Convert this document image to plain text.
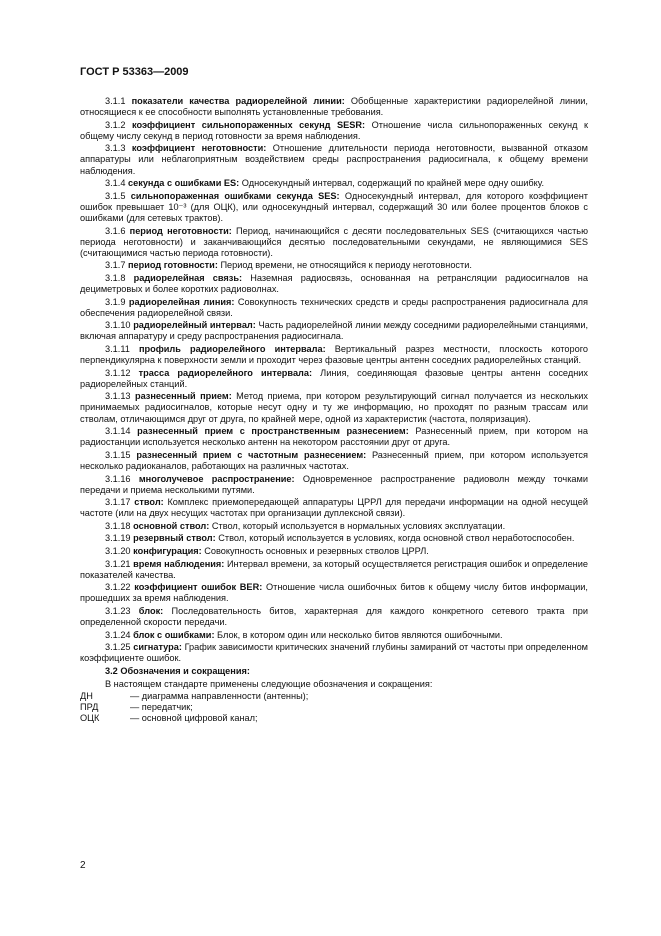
ГОСТ Р 53363—2009

3.1.1 показатели качества радиорелейной линии: Обобщенные характеристики радиорелейной линии, относящиеся к ее способности выполнять установленные требования.

3.1.2 коэффициент сильнопораженных секунд SESR: Отношение числа сильнопораженных секунд к общему числу секунд в период готовности за время наблюдения.

3.1.3 коэффициент неготовности: Отношение длительности периода неготовности, вызванной отказом аппаратуры или неблагоприятным воздействием среды распространения радиосигнала, к общему времени наблюдения.

3.1.4 секунда с ошибками ES: Односекундный интервал, содержащий по крайней мере одну ошибку.

3.1.5 сильнопораженная ошибками секунда SES: Односекундный интервал, для которого коэффициент ошибок превышает 10⁻³ (для ОЦК), или односекундный интервал, содержащий 30 или более процентов блоков с ошибками (для сетевых трактов).

3.1.6 период неготовности: Период, начинающийся с десяти последовательных SES (считающихся частью периода неготовности) и заканчивающийся десятью последовательными секундами, не являющимися SES (считающимися частью периода готовности).

3.1.7 период готовности: Период времени, не относящийся к периоду неготовности.

3.1.8 радиорелейная связь: Наземная радиосвязь, основанная на ретрансляции радиосигналов на дециметровых и более коротких радиоволнах.

3.1.9 радиорелейная линия: Совокупность технических средств и среды распространения радиосигнала для обеспечения радиорелейной связи.

3.1.10 радиорелейный интервал: Часть радиорелейной линии между соседними радиорелейными станциями, включая аппаратуру и среду распространения радиосигнала.

3.1.11 профиль радиорелейного интервала: Вертикальный разрез местности, плоскость которого перпендикулярна к поверхности земли и проходит через фазовые центры антенн соседних радиорелейных станций.

3.1.12 трасса радиорелейного интервала: Линия, соединяющая фазовые центры антенн соседних радиорелейных станций.

3.1.13 разнесенный прием: Метод приема, при котором результирующий сигнал получается из нескольких принимаемых радиосигналов, которые несут одну и ту же информацию, но проходят по разным трассам или стволам, отличающимся друг от друга, по крайней мере, одной из характеристик (частота, поляризация).

3.1.14 разнесенный прием с пространственным разнесением: Разнесенный прием, при котором на радиостанции используется несколько антенн на некотором расстоянии друг от друга.

3.1.15 разнесенный прием с частотным разнесением: Разнесенный прием, при котором используется несколько радиоканалов, работающих на различных частотах.

3.1.16 многолучевое распространение: Одновременное распространение радиоволн между точками передачи и приема несколькими путями.

3.1.17 ствол: Комплекс приемопередающей аппаратуры ЦРРЛ для передачи информации на одной несущей частоте (или на двух несущих частотах при организации дуплексной связи).

3.1.18 основной ствол: Ствол, который используется в нормальных условиях эксплуатации.

3.1.19 резервный ствол: Ствол, который используется в условиях, когда основной ствол неработоспособен.

3.1.20 конфигурация: Совокупность основных и резервных стволов ЦРРЛ.

3.1.21 время наблюдения: Интервал времени, за который осуществляется регистрация ошибок и определение показателей качества.

3.1.22 коэффициент ошибок BER: Отношение числа ошибочных битов к общему числу битов информации, прошедших за время наблюдения.

3.1.23 блок: Последовательность битов, характерная для каждого конкретного сетевого тракта при определенной скорости передачи.

3.1.24 блок с ошибками: Блок, в котором один или несколько битов являются ошибочными.

3.1.25 сигнатура: График зависимости критических значений глубины замираний от частоты при определенном коэффициенте ошибок.

3.2 Обозначения и сокращения:

В настоящем стандарте применены следующие обозначения и сокращения:

ДН	— диаграмма направленности (антенны);
ПРД	— передатчик;
ОЦК	— основной цифровой канал;
2
